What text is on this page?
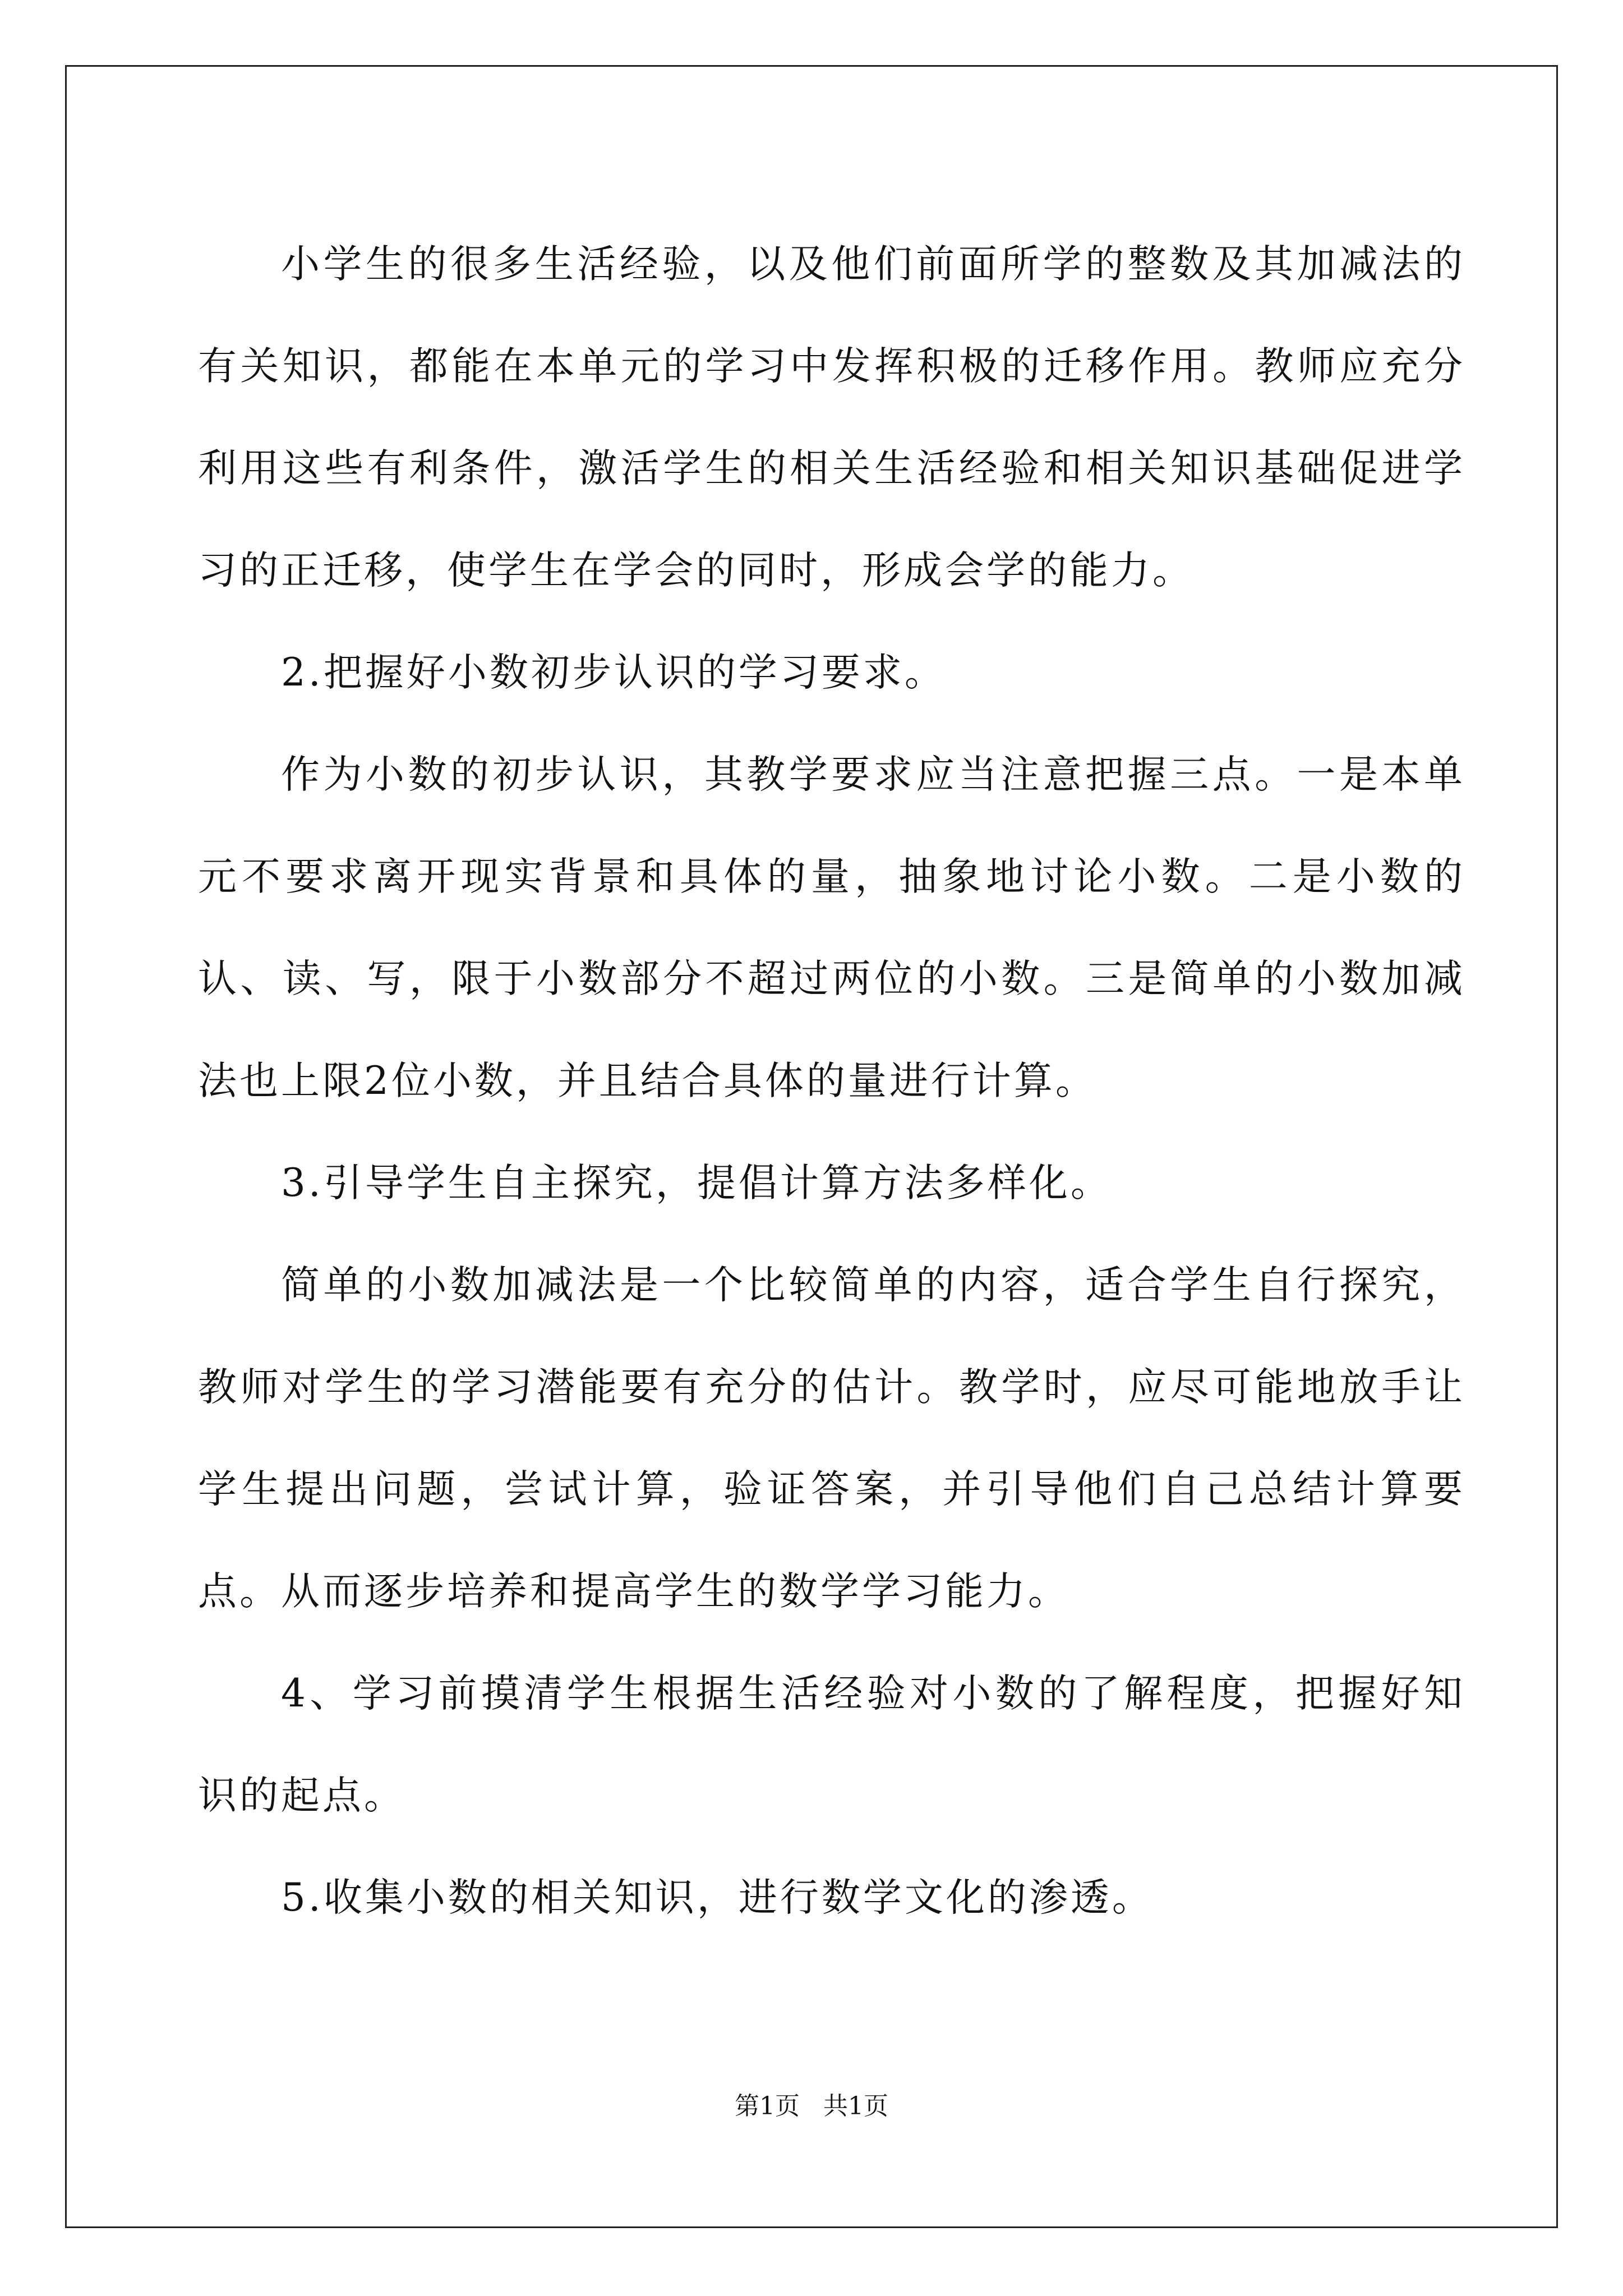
小学生的很多生活经验，以及他们前面所学的整数及其加减法的有关知识，都能在本单元的学习中发挥积极的迁移作用。教师应充分利用这些有利条件，激活学生的相关生活经验和相关知识基础促进学习的正迁移，使学生在学会的同时，形成会学的能力。

2.把握好小数初步认识的学习要求。

作为小数的初步认识，其教学要求应当注意把握三点。一是本单元不要求离开现实背景和具体的量，抽象地讨论小数。二是小数的认、读、写，限于小数部分不超过两位的小数。三是简单的小数加减法也上限2位小数，并且结合具体的量进行计算。

3.引导学生自主探究，提倡计算方法多样化。

简单的小数加减法是一个比较简单的内容，适合学生自行探究，教师对学生的学习潜能要有充分的估计。教学时，应尽可能地放手让学生提出问题，尝试计算，验证答案，并引导他们自己总结计算要点。从而逐步培养和提高学生的数学学习能力。

4、学习前摸清学生根据生活经验对小数的了解程度，把握好知识的起点。

5.收集小数的相关知识，进行数学文化的渗透。

第1页   共1页
